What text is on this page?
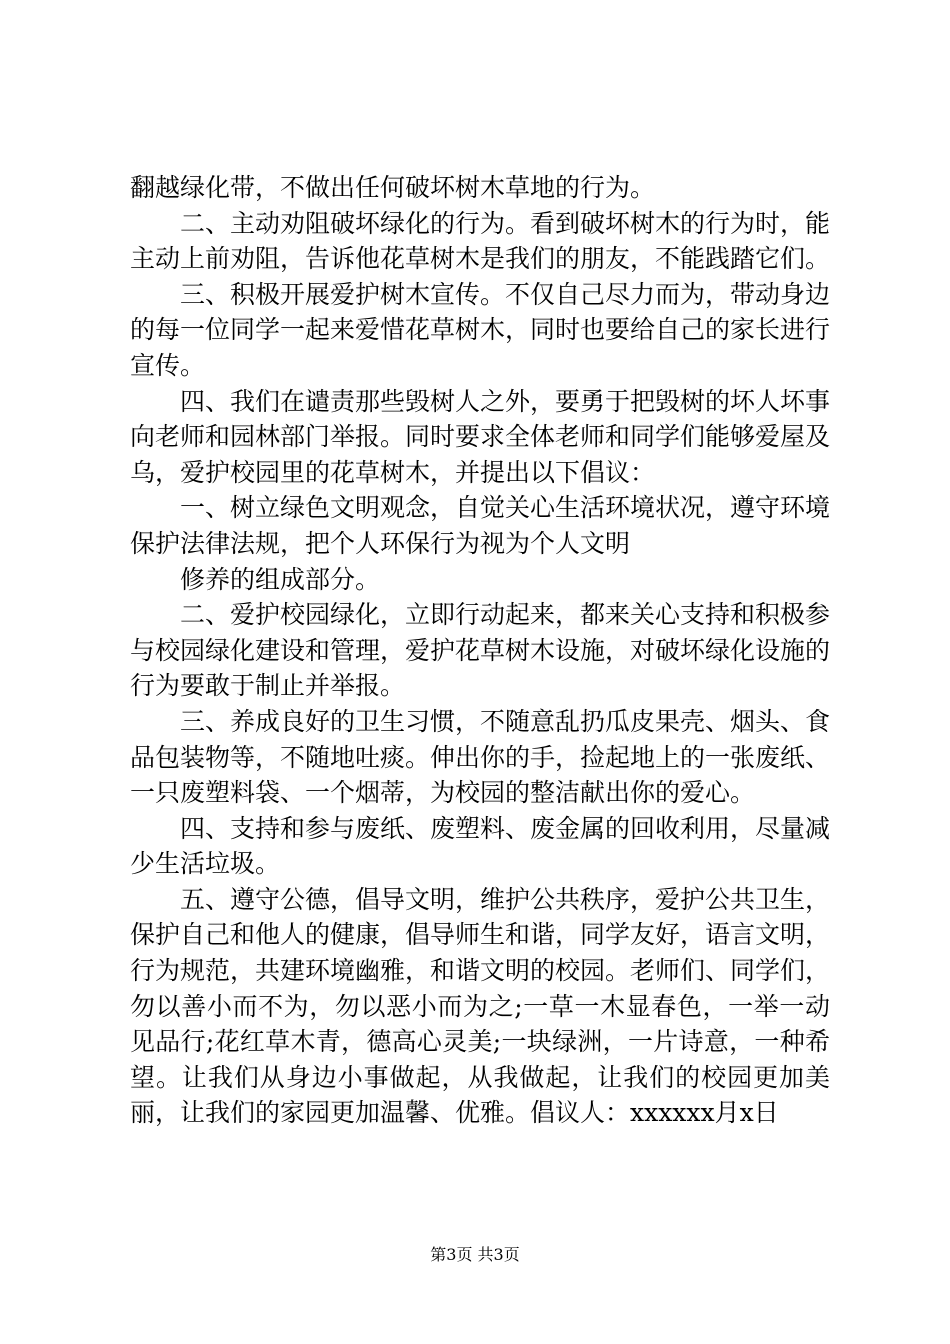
翻越绿化带，不做出任何破坏树木草地的行为。

二、主动劝阻破坏绿化的行为。看到破坏树木的行为时，能主动上前劝阻，告诉他花草树木是我们的朋友，不能践踏它们。

三、积极开展爱护树木宣传。不仅自己尽力而为，带动身边的每一位同学一起来爱惜花草树木，同时也要给自己的家长进行宣传。

四、我们在谴责那些毁树人之外，要勇于把毁树的坏人坏事向老师和园林部门举报。同时要求全体老师和同学们能够爱屋及乌，爱护校园里的花草树木，并提出以下倡议：

一、树立绿色文明观念，自觉关心生活环境状况，遵守环境保护法律法规，把个人环保行为视为个人文明

修养的组成部分。

二、爱护校园绿化，立即行动起来，都来关心支持和积极参与校园绿化建设和管理，爱护花草树木设施，对破坏绿化设施的行为要敢于制止并举报。

三、养成良好的卫生习惯，不随意乱扔瓜皮果壳、烟头、食品包装物等，不随地吐痰。伸出你的手，捡起地上的一张废纸、一只废塑料袋、一个烟蒂，为校园的整洁献出你的爱心。

四、支持和参与废纸、废塑料、废金属的回收利用，尽量减少生活垃圾。

五、遵守公德，倡导文明，维护公共秩序，爱护公共卫生，保护自己和他人的健康，倡导师生和谐，同学友好，语言文明，行为规范，共建环境幽雅，和谐文明的校园。老师们、同学们，勿以善小而不为，勿以恶小而为之;一草一木显春色，一举一动见品行;花红草木青，德高心灵美;一块绿洲，一片诗意，一种希望。让我们从身边小事做起，从我做起，让我们的校园更加美丽，让我们的家园更加温馨、优雅。倡议人：xxxxxx月x日

第3页 共3页
